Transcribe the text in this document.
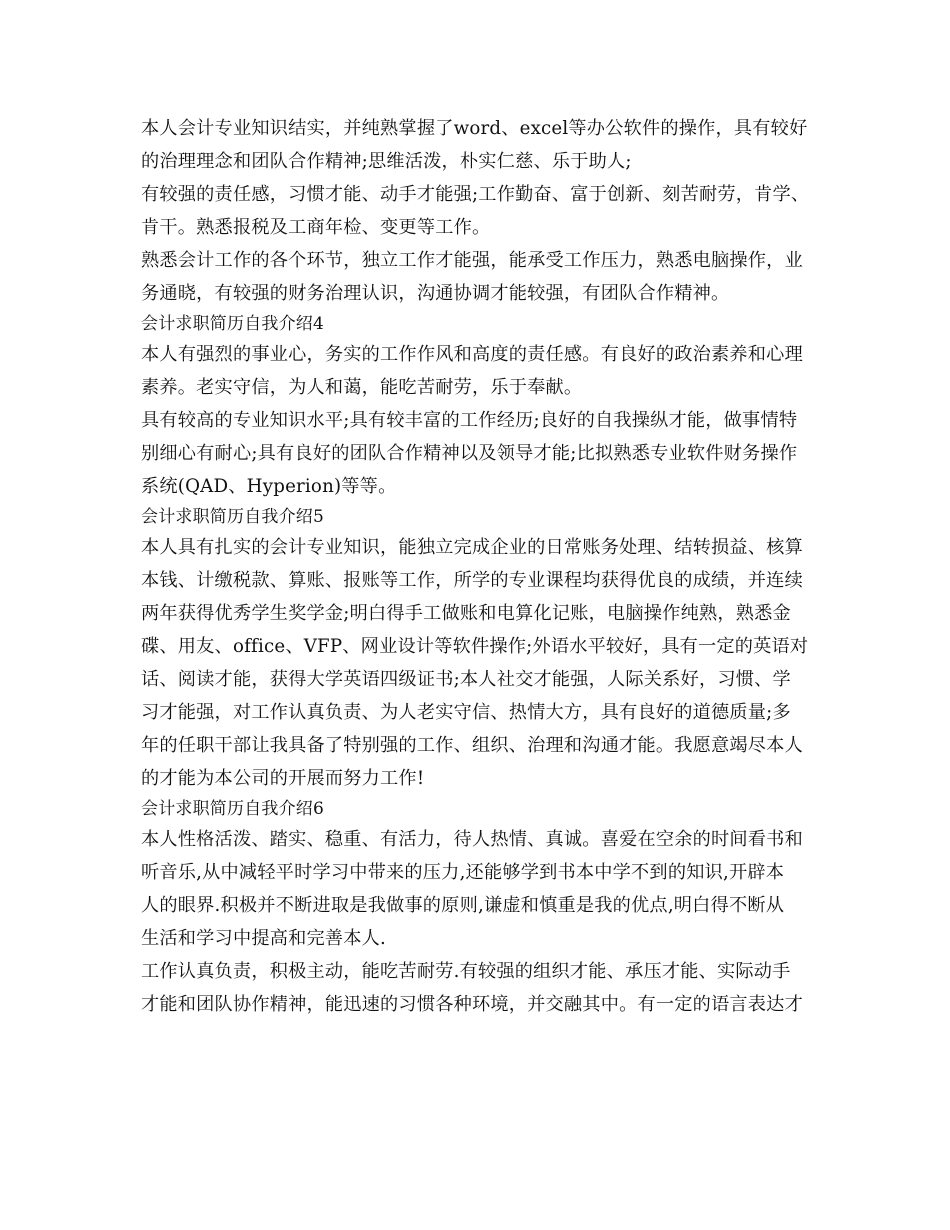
本人会计专业知识结实，并纯熟掌握了word、excel等办公软件的操作，具有较好
的治理理念和团队合作精神;思维活泼，朴实仁慈、乐于助人;
有较强的责任感，习惯才能、动手才能强;工作勤奋、富于创新、刻苦耐劳，肯学、
肯干。熟悉报税及工商年检、变更等工作。
熟悉会计工作的各个环节，独立工作才能强，能承受工作压力，熟悉电脑操作，业
务通晓，有较强的财务治理认识，沟通协调才能较强，有团队合作精神。
会计求职简历自我介绍4
本人有强烈的事业心，务实的工作作风和高度的责任感。有良好的政治素养和心理
素养。老实守信，为人和蔼，能吃苦耐劳，乐于奉献。
具有较高的专业知识水平;具有较丰富的工作经历;良好的自我操纵才能，做事情特
别细心有耐心;具有良好的团队合作精神以及领导才能;比拟熟悉专业软件财务操作
系统(QAD、Hyperion)等等。
会计求职简历自我介绍5
本人具有扎实的会计专业知识，能独立完成企业的日常账务处理、结转损益、核算
本钱、计缴税款、算账、报账等工作，所学的专业课程均获得优良的成绩，并连续
两年获得优秀学生奖学金;明白得手工做账和电算化记账，电脑操作纯熟，熟悉金
碟、用友、office、VFP、网业设计等软件操作;外语水平较好，具有一定的英语对
话、阅读才能，获得大学英语四级证书;本人社交才能强，人际关系好，习惯、学
习才能强，对工作认真负责、为人老实守信、热情大方，具有良好的道德质量;多
年的任职干部让我具备了特别强的工作、组织、治理和沟通才能。我愿意竭尽本人
的才能为本公司的开展而努力工作!
会计求职简历自我介绍6
本人性格活泼、踏实、稳重、有活力，待人热情、真诚。喜爱在空余的时间看书和
听音乐,从中减轻平时学习中带来的压力,还能够学到书本中学不到的知识,开辟本
人的眼界.积极并不断进取是我做事的原则,谦虚和慎重是我的优点,明白得不断从
生活和学习中提高和完善本人.
工作认真负责，积极主动，能吃苦耐劳.有较强的组织才能、承压才能、实际动手
才能和团队协作精神，能迅速的习惯各种环境，并交融其中。有一定的语言表达才
